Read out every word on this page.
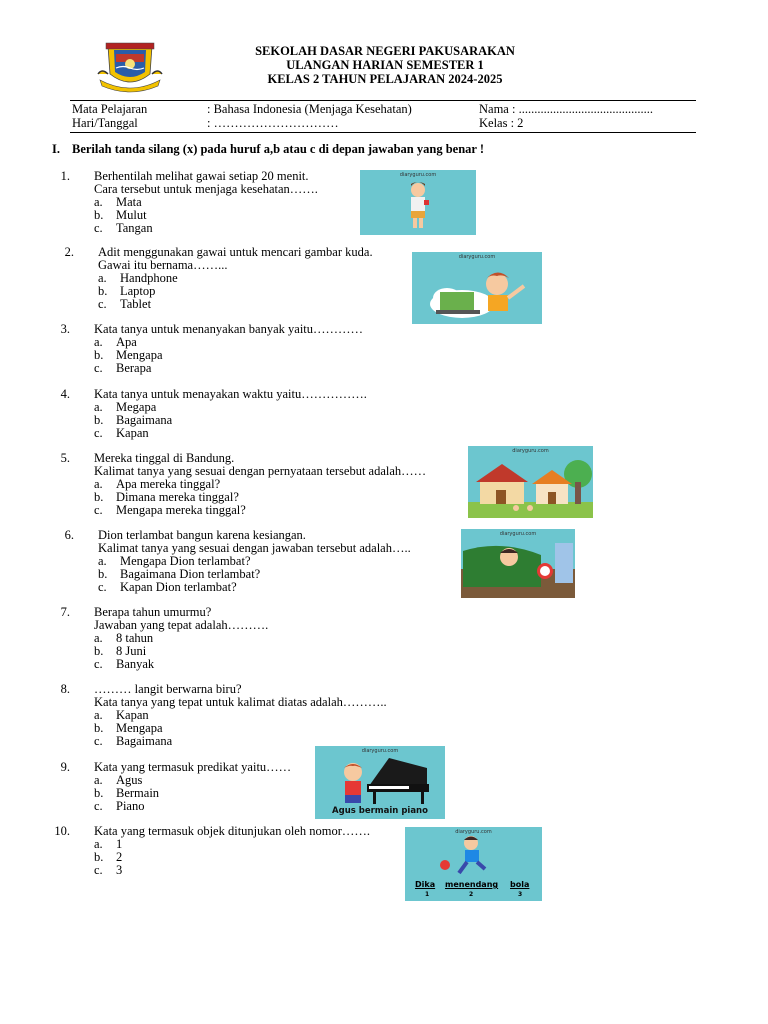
SEKOLAH DASAR NEGERI PAKUSARAKAN
ULANGAN HARIAN SEMESTER 1
KELAS 2 TAHUN PELAJARAN 2024-2025
Mata Pelajaran	: Bahasa Indonesia (Menjaga Kesehatan)	Nama : ...........................................
Hari/Tanggal	: …………………………	Kelas : 2
I. Berilah tanda silang (x) pada huruf a,b atau c di depan jawaban yang benar !
1. Berhentilah melihat gawai setiap 20 menit.
Cara tersebut untuk menjaga kesehatan…….
a. Mata
b. Mulut
c. Tangan
2. Adit menggunakan gawai untuk mencari gambar kuda.
Gawai itu bernama……...
a. Handphone
b. Laptop
c. Tablet
3. Kata tanya untuk menanyakan banyak yaitu…………
a. Apa
b. Mengapa
c. Berapa
4. Kata tanya untuk menayakan waktu yaitu…………….
a. Megapa
b. Bagaimana
c. Kapan
5. Mereka tinggal di Bandung.
Kalimat tanya yang sesuai dengan pernyataan tersebut adalah……
a. Apa mereka tinggal?
b. Dimana mereka tinggal?
c. Mengapa mereka tinggal?
6. Dion terlambat bangun karena kesiangan.
Kalimat tanya yang sesuai dengan jawaban tersebut adalah…..
a. Mengapa Dion terlambat?
b. Bagaimana Dion terlambat?
c. Kapan Dion terlambat?
7. Berapa tahun umurmu?
Jawaban yang tepat adalah……….
a. 8 tahun
b. 8 Juni
c. Banyak
8. ……… langit berwarna biru?
Kata tanya yang tepat untuk kalimat diatas adalah………..
a. Kapan
b. Mengapa
c. Bagaimana
9. Kata yang termasuk predikat yaitu……
a. Agus
b. Bermain
c. Piano
10. Kata yang termasuk objek ditunjukan oleh nomor…….
a. 1
b. 2
c. 3
diaryguru.com
diaryguru.com
diaryguru.com
diaryguru.com
diaryguru.com
Agus bermain piano
diaryguru.com
Dika menendang bola
1	2	3
